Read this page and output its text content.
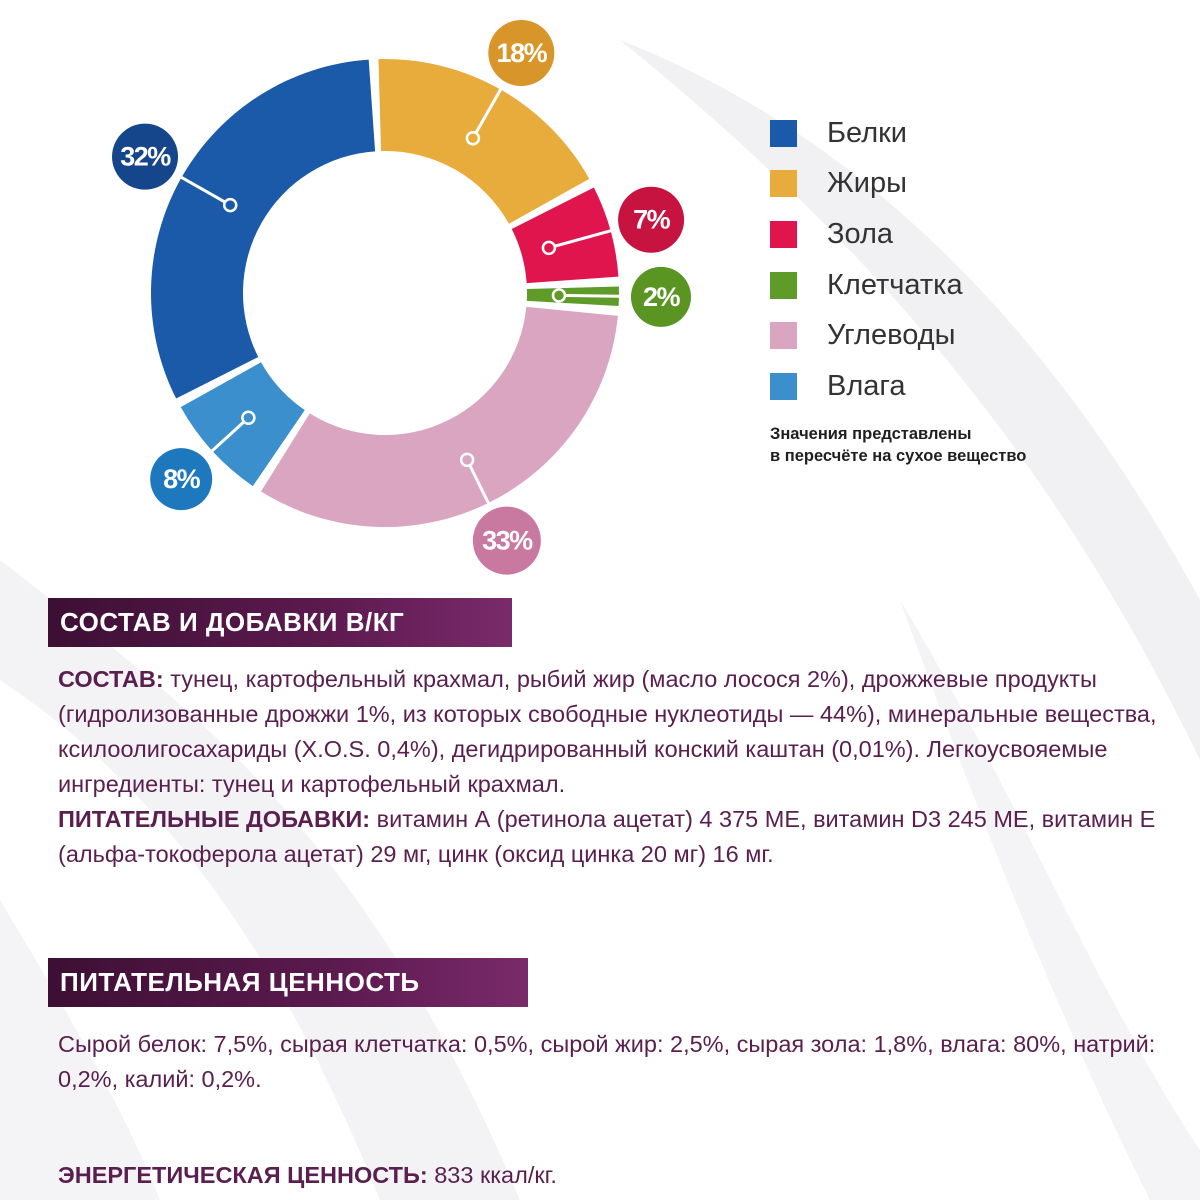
32%
18%
7%
2%
33%
8%
Белки
Жиры
Зола
Клетчатка
Углеводы
Влага
Значения представлены
в пересчёте на сухое вещество
СОСТАВ И ДОБАВКИ В/КГ
СОСТАВ: тунец, картофельный крахмал, рыбий жир (масло лосося 2%), дрожжевые продукты (гидролизованные дрожжи 1%, из которых свободные нуклеотиды — 44%), минеральные вещества, ксилоолигосахариды (X.O.S. 0,4%), дегидрированный конский каштан (0,01%). Легкоусвояемые ингредиенты: тунец и картофельный крахмал.
ПИТАТЕЛЬНЫЕ ДОБАВКИ: витамин А (ретинола ацетат) 4 375 МЕ, витамин D3 245 МЕ, витамин Е (альфа-токоферола ацетат) 29 мг, цинк (оксид цинка 20 мг) 16 мг.
ПИТАТЕЛЬНАЯ ЦЕННОСТЬ
Сырой белок: 7,5%, сырая клетчатка: 0,5%, сырой жир: 2,5%, сырая зола: 1,8%, влага: 80%, натрий: 0,2%, калий: 0,2%.
ЭНЕРГЕТИЧЕСКАЯ ЦЕННОСТЬ: 833 ккал/кг.
